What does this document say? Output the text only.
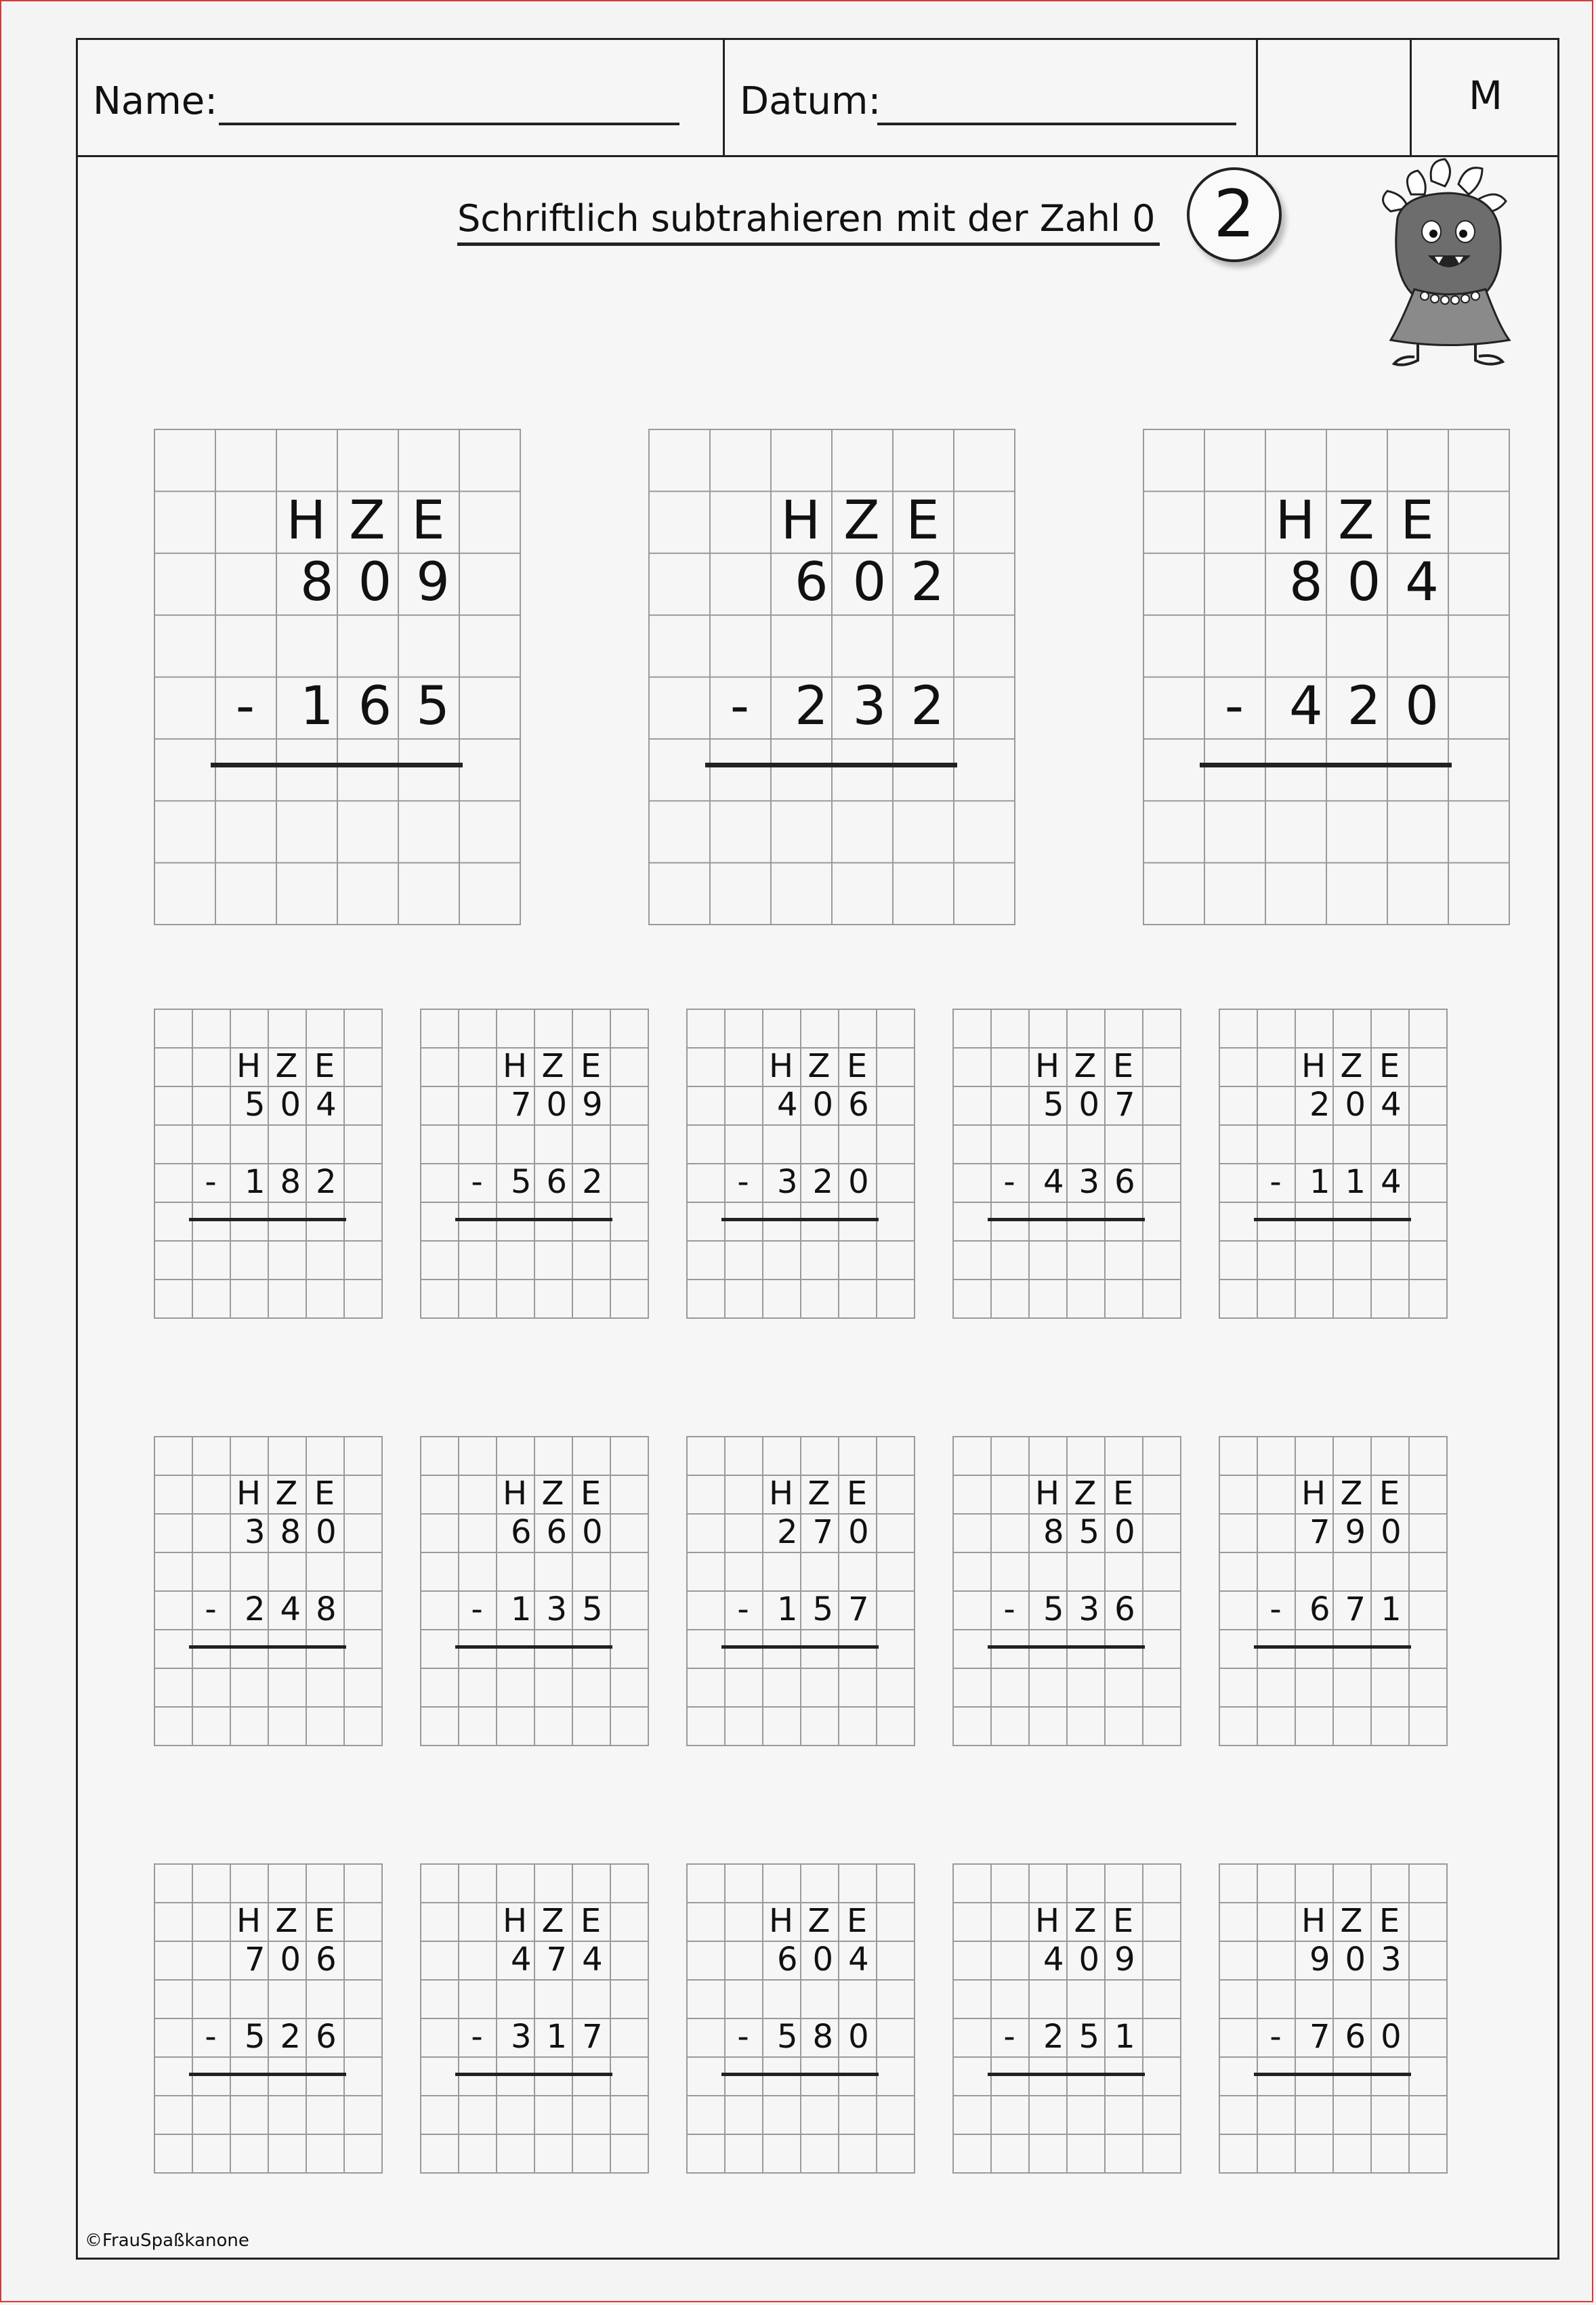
Name:	Datum:	M
Schriftlich subtrahieren mit der Zahl 0 2
H Z E
809
- 165
H Z E
602
- 232
H Z E
804
- 420
H Z E
504
- 182
H Z E
709
- 562
H Z E
406
- 320
H Z E
507
- 436
H Z E
204
- 114
H Z E
380
- 248
H Z E
660
- 135
H Z E
270
- 157
H Z E
850
- 536
H Z E
790
- 671
H Z E
706
- 526
H Z E
474
- 317
H Z E
604
- 580
H Z E
409
- 251
H Z E
903
- 760
©FrauSpaßkanone
